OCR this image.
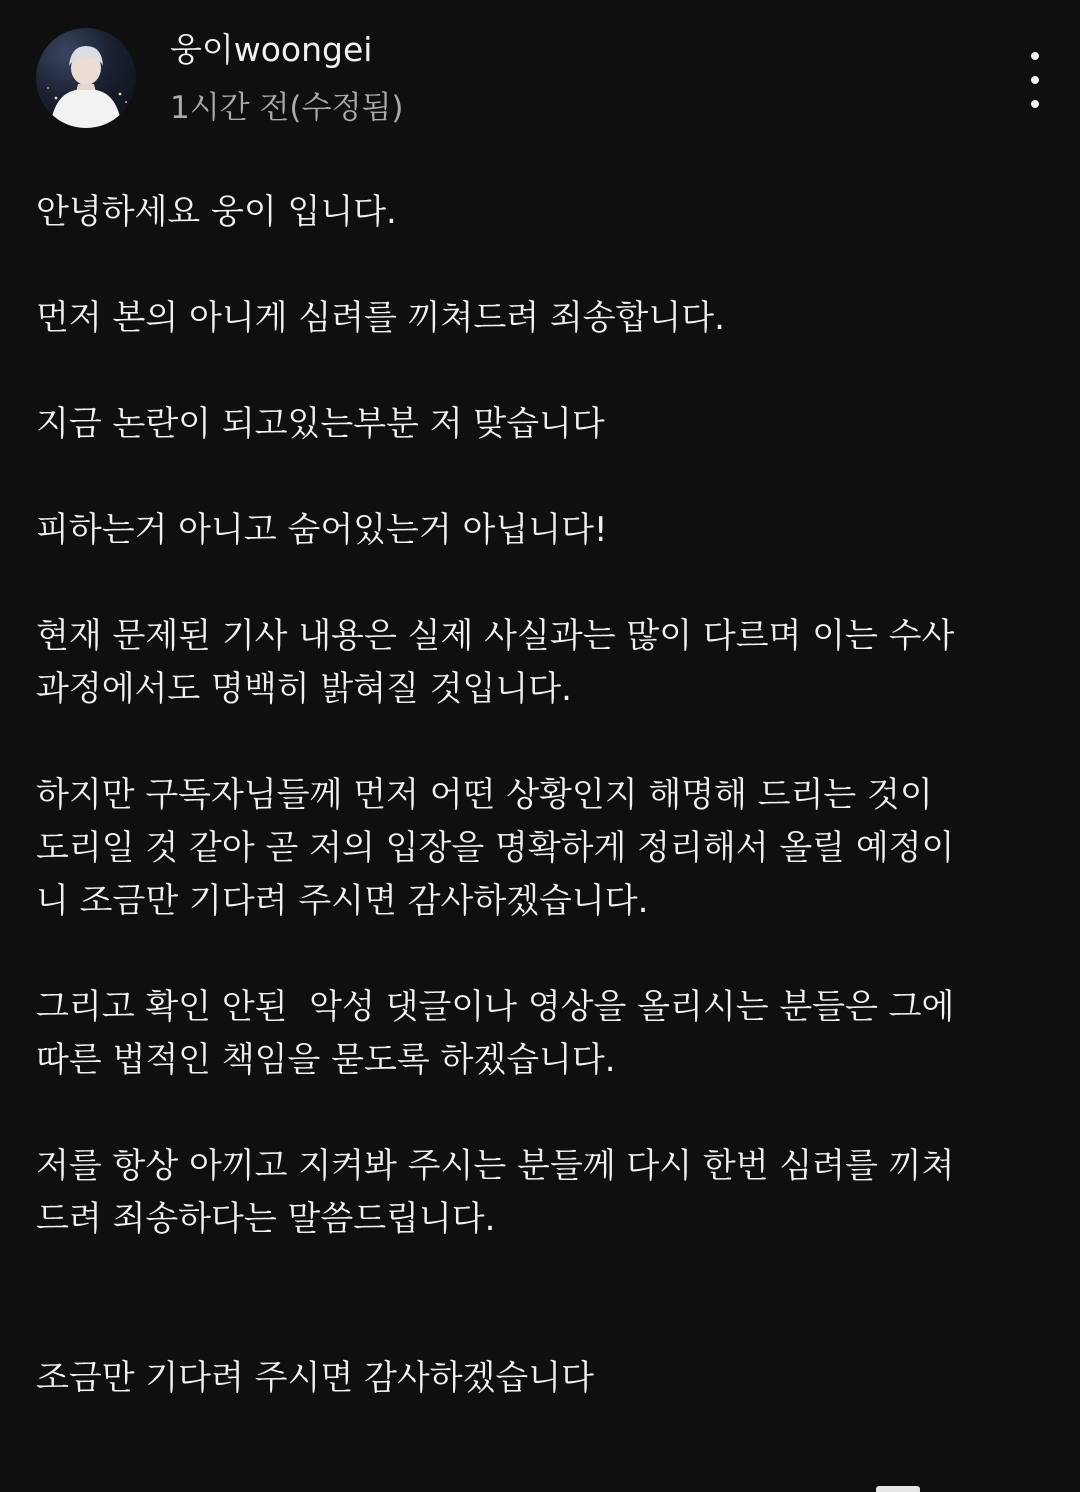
웅이woongei
1시간 전(수정됨)

안녕하세요 웅이 입니다.

먼저 본의 아니게 심려를 끼쳐드려 죄송합니다.

지금 논란이 되고있는부분 저 맞습니다

피하는거 아니고 숨어있는거 아닙니다!

현재 문제된 기사 내용은 실제 사실과는 많이 다르며 이는 수사
과정에서도 명백히 밝혀질 것입니다.

하지만 구독자님들께 먼저 어떤 상황인지 해명해 드리는 것이
도리일 것 같아 곧 저의 입장을 명확하게 정리해서 올릴 예정이
니 조금만 기다려 주시면 감사하겠습니다.

그리고 확인 안된  악성 댓글이나 영상을 올리시는 분들은 그에
따른 법적인 책임을 묻도록 하겠습니다.

저를 항상 아끼고 지켜봐 주시는 분들께 다시 한번 심려를 끼쳐
드려 죄송하다는 말씀드립니다.

조금만 기다려 주시면 감사하겠습니다
